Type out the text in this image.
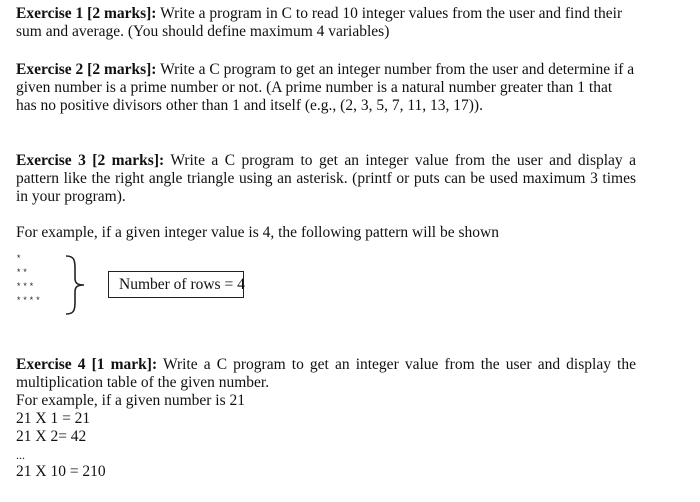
Exercise 1 [2 marks]: Write a program in C to read 10 integer values from the user and find their sum and average. (You should define maximum 4 variables)

Exercise 2 [2 marks]: Write a C program to get an integer number from the user and determine if a given number is a prime number or not. (A prime number is a natural number greater than 1 that has no positive divisors other than 1 and itself (e.g., (2, 3, 5, 7, 11, 13, 17)).

Exercise 3 [2 marks]: Write a C program to get an integer value from the user and display a pattern like the right angle triangle using an asterisk. (printf or puts can be used maximum 3 times in your program).

For example, if a given integer value is 4, the following pattern will be shown
*
**
***
****
Number of rows = 4

Exercise 4 [1 mark]: Write a C program to get an integer value from the user and display the multiplication table of the given number.

For example, if a given number is 21
21 X 1 = 21
21 X 2= 42
...
21 X 10 = 210
